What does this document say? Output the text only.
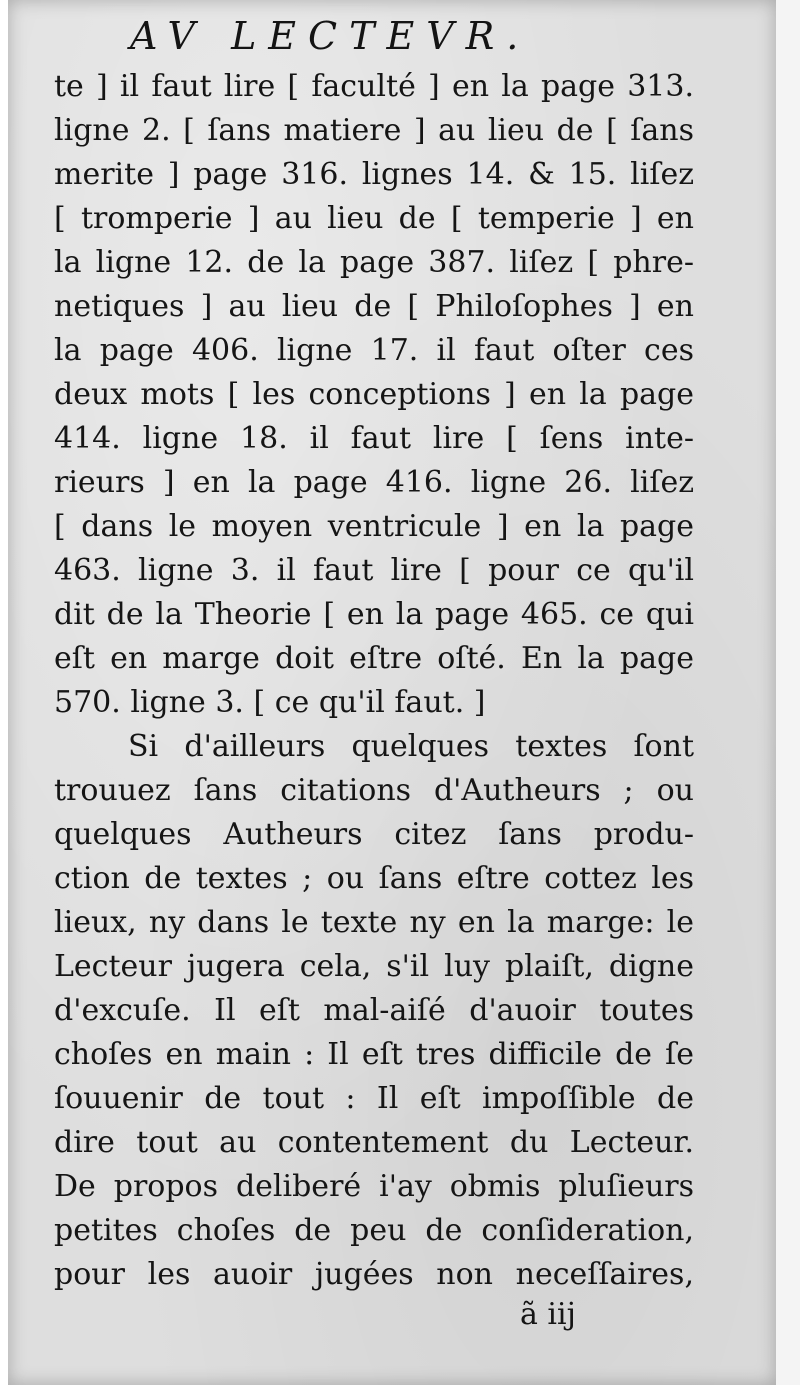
AV LECTEVR.

te ] il faut lire [ faculté ] en la page 313.

ligne 2. [ ſans matiere ] au lieu de [ ſans

merite ] page 316. lignes 14. & 15. liſez

[ tromperie ] au lieu de [ temperie ] en

la ligne 12. de la page 387. liſez [ phre-

netiques ] au lieu de [ Philoſophes ] en

la page 406. ligne 17. il faut oſter ces

deux mots [ les conceptions ] en la page

414. ligne 18. il faut lire [ ſens inte-

rieurs ] en la page 416. ligne 26. liſez

[ dans le moyen ventricule ] en la page

463. ligne 3. il faut lire [ pour ce qu'il

dit de la Theorie [ en la page 465. ce qui

eſt en marge doit eſtre oſté. En la page

570. ligne 3. [ ce qu'il faut. ]

Si d'ailleurs quelques textes ſont

trouuez ſans citations d'Autheurs ; ou

quelques Autheurs citez ſans produ-

ction de textes ; ou ſans eſtre cottez les

lieux, ny dans le texte ny en la marge: le

Lecteur jugera cela, s'il luy plaiſt, digne

d'excuſe. Il eſt mal-aiſé d'auoir toutes

choſes en main : Il eſt tres difficile de ſe

ſouuenir de tout : Il eſt impoſſible de

dire tout au contentement du Lecteur.

De propos deliberé i'ay obmis pluſieurs

petites choſes de peu de conſideration,

pour les auoir jugées non neceſſaires,

ã iij
